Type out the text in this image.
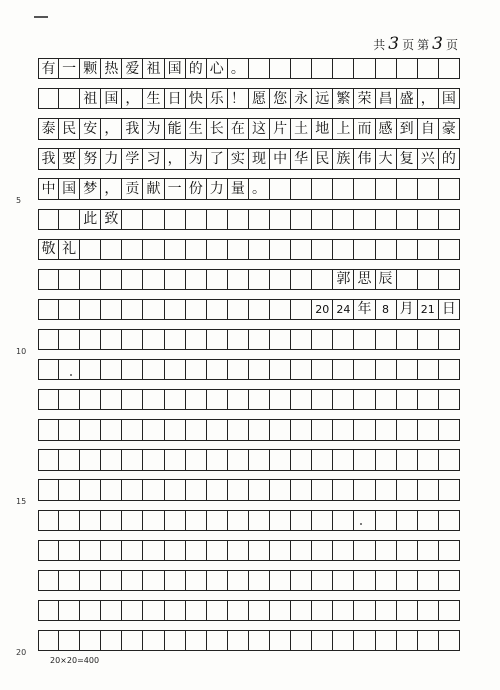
共 3 页 第 3 页
有 一 颗 热 爱 祖 国 的 心 。
祖 国 ， 生 日 快 乐 ！ 愿 您 永 远 繁 荣 昌 盛 ， 国
泰 民 安 ， 我 为 能 生 长 在 这 片 土 地 上 而 感 到 自 豪
我 要 努 力 学 习 ， 为 了 实 现 中 华 民 族 伟 大 复 兴 的
中 国 梦 ， 贡 献 一 份 力 量 。
此 致
敬 礼
郭 思 辰
20 24 年 8 月 21 日
5
10
15
20
20×20=400
